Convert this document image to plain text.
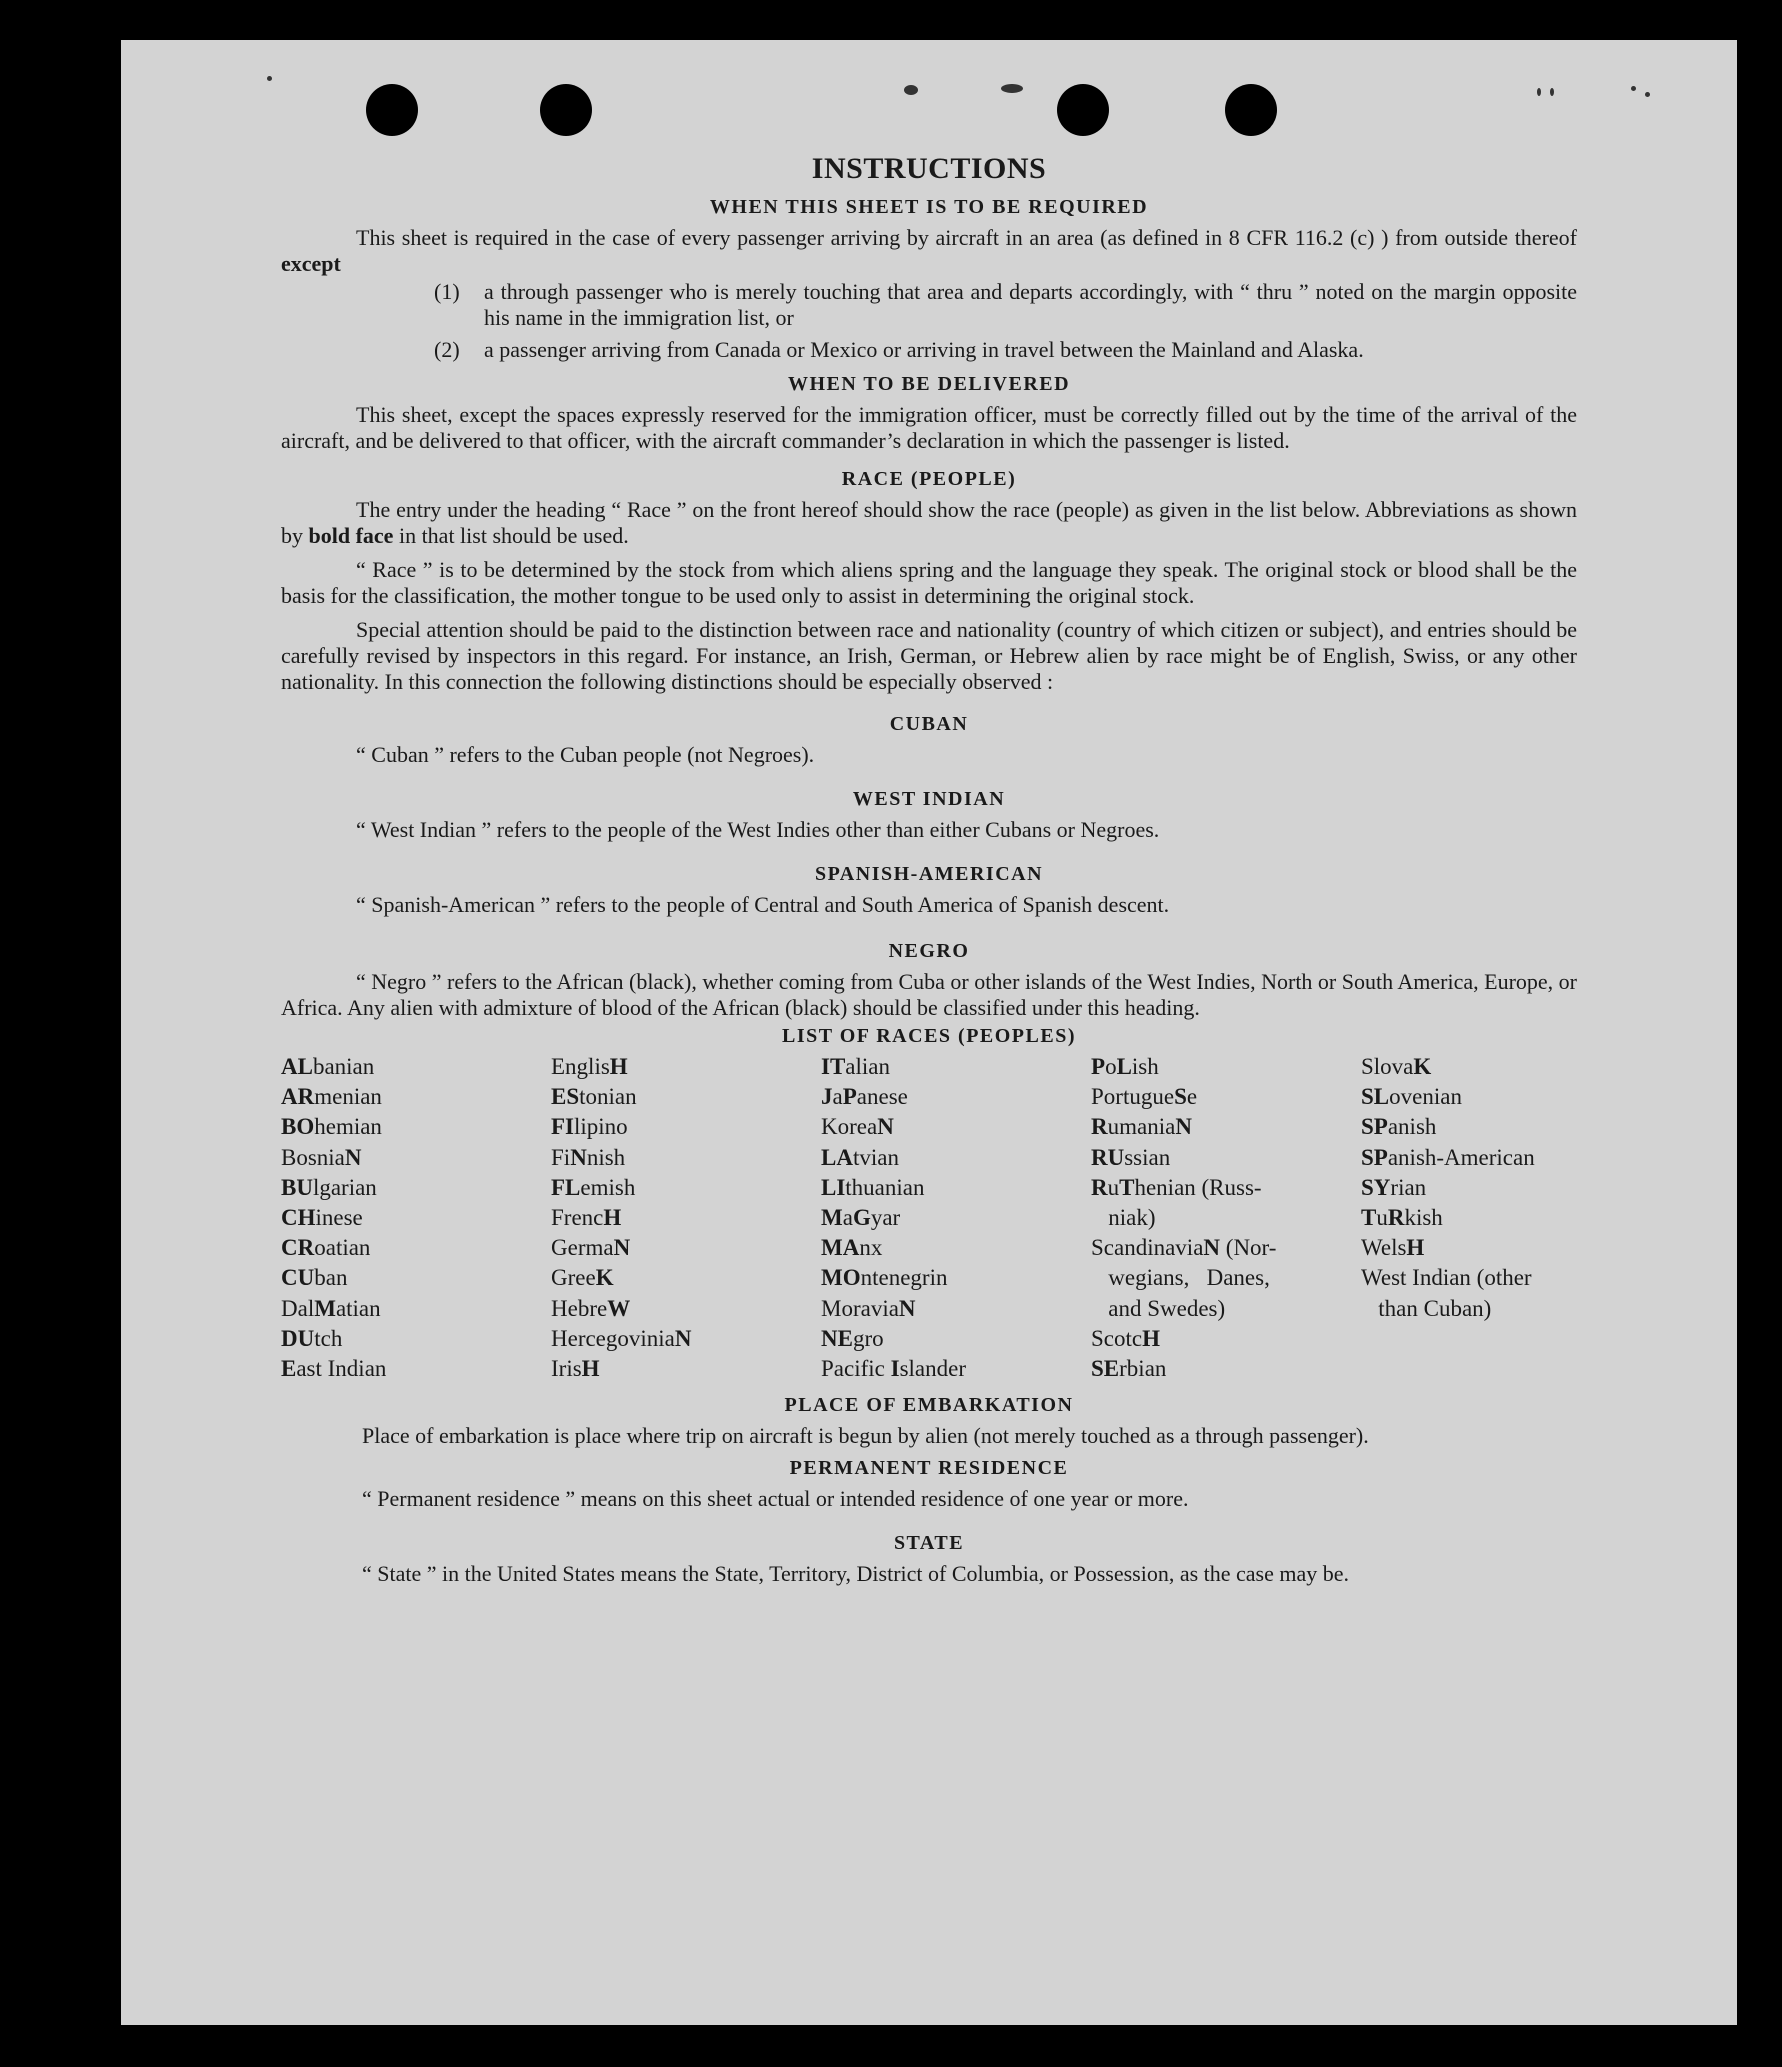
INSTRUCTIONS
WHEN THIS SHEET IS TO BE REQUIRED

This sheet is required in the case of every passenger arriving by aircraft in an area (as defined in 8 CFR 116.2 (c) ) from outside thereof except

(1)	a through passenger who is merely touching that area and departs accordingly, with “ thru ” noted on the margin opposite his name in the immigration list, or
(2)	a passenger arriving from Canada or Mexico or arriving in travel between the Mainland and Alaska.
WHEN TO BE DELIVERED

This sheet, except the spaces expressly reserved for the immigration officer, must be correctly filled out by the time of the arrival of the aircraft, and be delivered to that officer, with the aircraft commander’s declaration in which the passenger is listed.

RACE (PEOPLE)

The entry under the heading “ Race ” on the front hereof should show the race (people) as given in the list below. Abbreviations as shown by bold face in that list should be used.

“ Race ” is to be determined by the stock from which aliens spring and the language they speak. The original stock or blood shall be the basis for the classification, the mother tongue to be used only to assist in determining the original stock.

Special attention should be paid to the distinction between race and nationality (country of which citizen or subject), and entries should be carefully revised by inspectors in this regard. For instance, an Irish, German, or Hebrew alien by race might be of English, Swiss, or any other nationality. In this connection the following distinctions should be especially observed :

CUBAN

“ Cuban ” refers to the Cuban people (not Negroes).

WEST INDIAN

“ West Indian ” refers to the people of the West Indies other than either Cubans or Negroes.

SPANISH-AMERICAN

“ Spanish-American ” refers to the people of Central and South America of Spanish descent.

NEGRO

“ Negro ” refers to the African (black), whether coming from Cuba or other islands of the West Indies, North or South America, Europe, or Africa. Any alien with admixture of blood of the African (black) should be classified under this heading.

LIST OF RACES (PEOPLES)
ALbanian
ARmenian
BOhemian
BosniaN
BUlgarian
CHinese
CRoatian
CUban
DalMatian
DUtch
East Indian
EnglisH
EStonian
FIlipino
FiNnish
FLemish
FrencH
GermaN
GreeK
HebreW
HercegoviniaN
IrisH
ITalian
JaPanese
KoreaN
LAtvian
LIthuanian
MaGyar
MAnx
MOntenegrin
MoraviaN
NEgro
Pacific Islander
PoLish
PortugueSe
RumaniaN
RUssian
RuThenian (Russ-
niak)
ScandinaviaN (Nor-
wegians,   Danes,
and Swedes)
ScotcH
SErbian
SlovaK
SLovenian
SPanish
SPanish-American
SYrian
TuRkish
WelsH
West Indian (other
than Cuban)
PLACE OF EMBARKATION

Place of embarkation is place where trip on aircraft is begun by alien (not merely touched as a through passenger).

PERMANENT RESIDENCE

“ Permanent residence ” means on this sheet actual or intended residence of one year or more.

STATE

“ State ” in the United States means the State, Territory, District of Columbia, or Possession, as the case may be.
